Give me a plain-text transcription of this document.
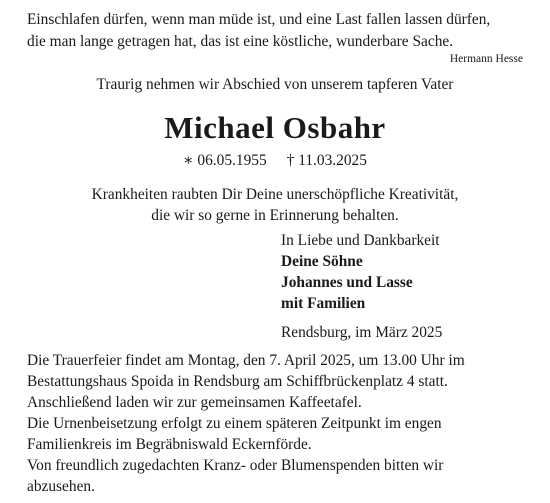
Einschlafen dürfen, wenn man müde ist, und eine Last fallen lassen dürfen,
die man lange getragen hat, das ist eine köstliche, wunderbare Sache.
Hermann Hesse
Traurig nehmen wir Abschied von unserem tapferen Vater
Michael Osbahr
∗ 06.05.1955 † 11.03.2025
Krankheiten raubten Dir Deine unerschöpfliche Kreativität,
die wir so gerne in Erinnerung behalten.
In Liebe und Dankbarkeit
Deine Söhne
Johannes und Lasse
mit Familien
Rendsburg, im März 2025

Die Trauerfeier findet am Montag, den 7. April 2025, um 13.00 Uhr im
Bestattungshaus Spoida in Rendsburg am Schiffbrückenplatz 4 statt.
Anschließend laden wir zur gemeinsamen Kaffeetafel.

Die Urnenbeisetzung erfolgt zu einem späteren Zeitpunkt im engen
Familienkreis im Begräbniswald Eckernförde.

Von freundlich zugedachten Kranz- oder Blumenspenden bitten wir
abzusehen.
